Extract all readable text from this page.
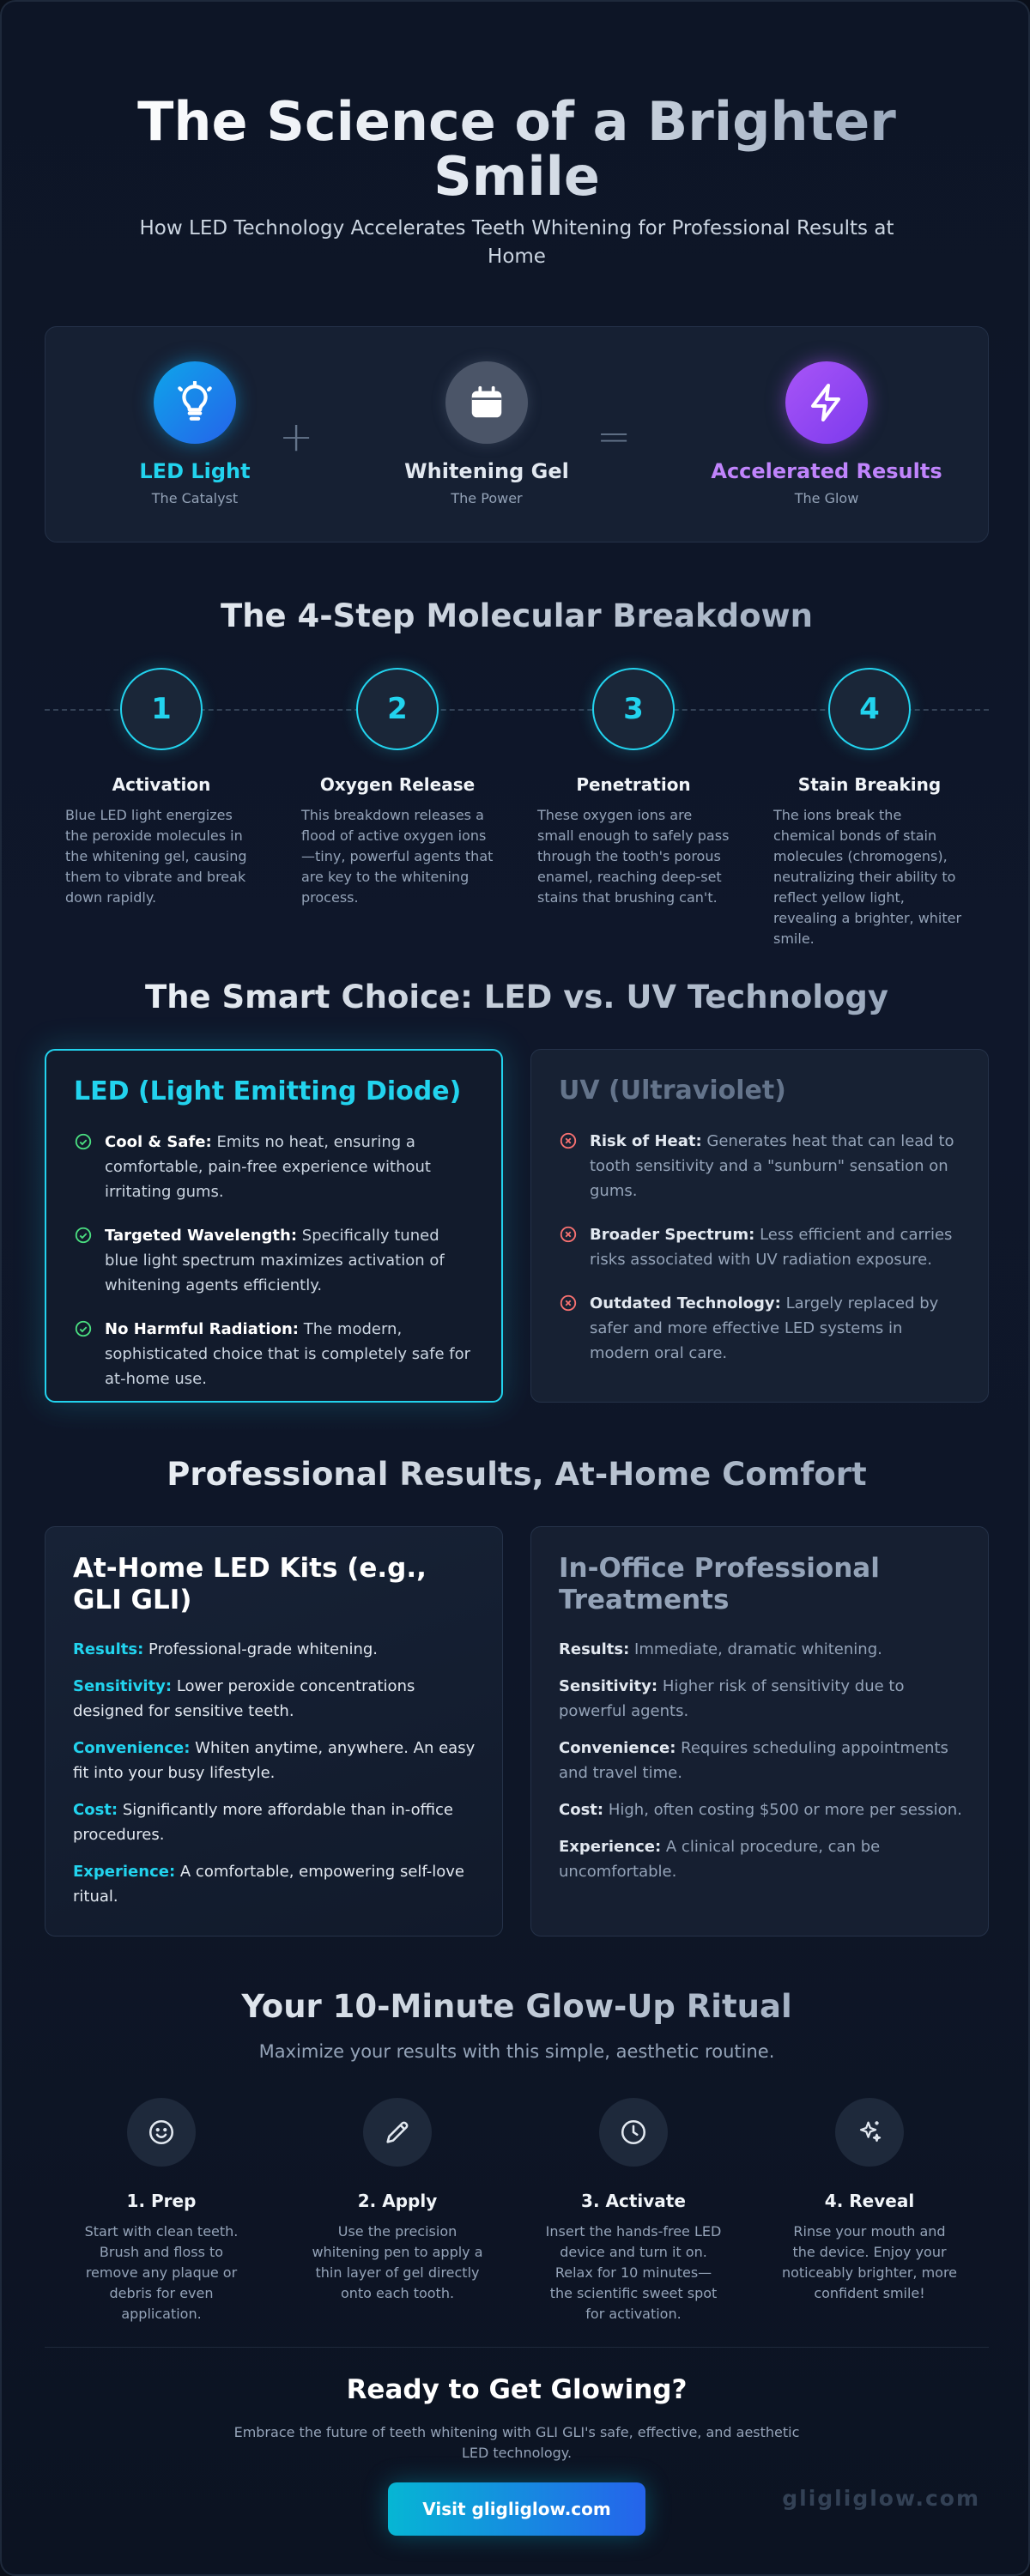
The Science of a Brighter Smile

How LED Technology Accelerates Teeth Whitening for Professional Results at Home

LED Light
The Catalyst
+
Whitening Gel
The Power
=
Accelerated Results
The Glow
The 4-Step Molecular Breakdown
1
Activation
Blue LED light energizes the peroxide molecules in the whitening gel, causing them to vibrate and break down rapidly.
2
Oxygen Release
This breakdown releases a flood of active oxygen ions—tiny, powerful agents that are key to the whitening process.
3
Penetration
These oxygen ions are small enough to safely pass through the tooth's porous enamel, reaching deep-set stains that brushing can't.
4
Stain Breaking
The ions break the chemical bonds of stain molecules (chromogens), neutralizing their ability to reflect yellow light, revealing a brighter, whiter smile.
The Smart Choice: LED vs. UV Technology
LED (Light Emitting Diode)
Cool & Safe: Emits no heat, ensuring a comfortable, pain-free experience without irritating gums.
Targeted Wavelength: Specifically tuned blue light spectrum maximizes activation of whitening agents efficiently.
No Harmful Radiation: The modern, sophisticated choice that is completely safe for at-home use.
UV (Ultraviolet)
Risk of Heat: Generates heat that can lead to tooth sensitivity and a "sunburn" sensation on gums.
Broader Spectrum: Less efficient and carries risks associated with UV radiation exposure.
Outdated Technology: Largely replaced by safer and more effective LED systems in modern oral care.
Professional Results, At-Home Comfort
At-Home LED Kits (e.g., GLI GLI)
Results: Professional-grade whitening.
Sensitivity: Lower peroxide concentrations designed for sensitive teeth.
Convenience: Whiten anytime, anywhere. An easy fit into your busy lifestyle.
Cost: Significantly more affordable than in-office procedures.
Experience: A comfortable, empowering self-love ritual.
In-Office Professional Treatments
Results: Immediate, dramatic whitening.
Sensitivity: Higher risk of sensitivity due to powerful agents.
Convenience: Requires scheduling appointments and travel time.
Cost: High, often costing $500 or more per session.
Experience: A clinical procedure, can be uncomfortable.
Your 10-Minute Glow-Up Ritual

Maximize your results with this simple, aesthetic routine.

1. Prep
Start with clean teeth. Brush and floss to remove any plaque or debris for even application.
2. Apply
Use the precision whitening pen to apply a thin layer of gel directly onto each tooth.
3. Activate
Insert the hands-free LED device and turn it on. Relax for 10 minutes—the scientific sweet spot for activation.
4. Reveal
Rinse your mouth and the device. Enjoy your noticeably brighter, more confident smile!
Ready to Get Glowing?

Embrace the future of teeth whitening with GLI GLI's safe, effective, and aesthetic LED technology.

Visit gligliglow.com	gligliglow.com
